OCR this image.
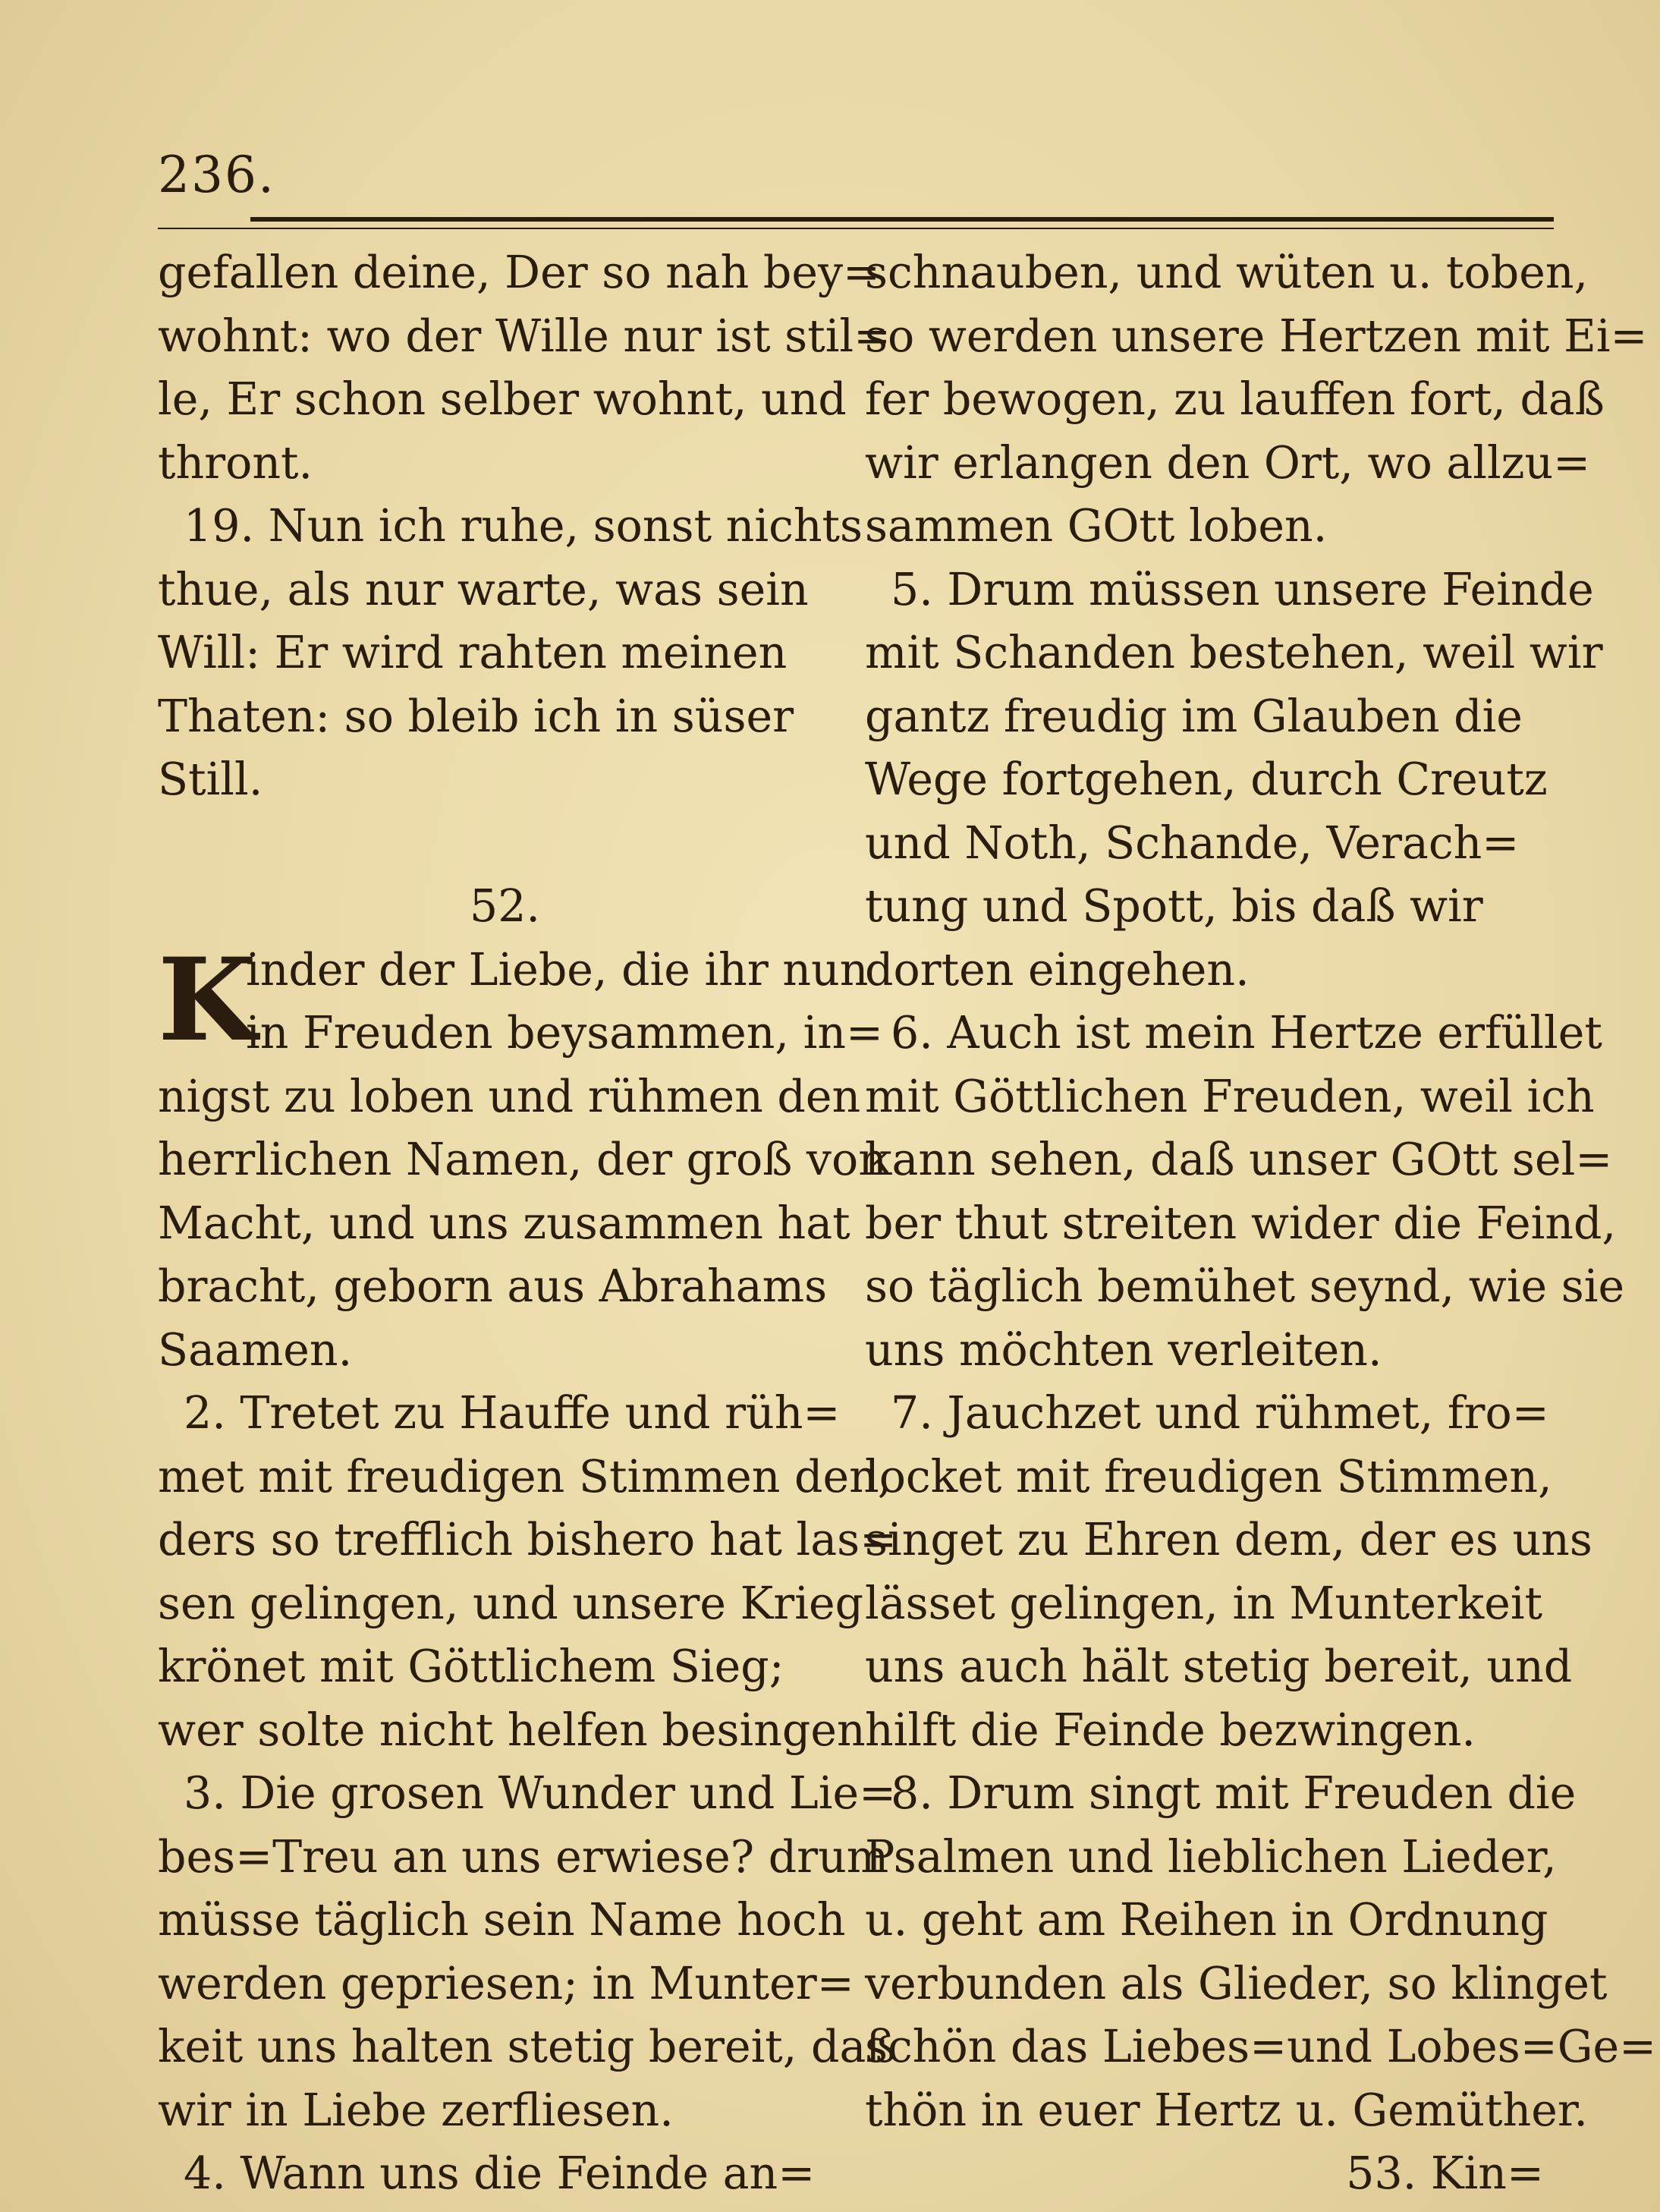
236.
gefallen deine, Der so nah bey=
wohnt: wo der Wille nur ist stil=
le, Er schon selber wohnt, und
thront.
19. Nun ich ruhe, sonst nichts
thue, als nur warte, was sein
Will: Er wird rahten meinen
Thaten: so bleib ich in süser
Still.
52.
K
inder der Liebe, die ihr nun
in Freuden beysammen, in=
nigst zu loben und rühmen den
herrlichen Namen, der groß von
Macht, und uns zusammen hat
bracht, geborn aus Abrahams
Saamen.
2. Tretet zu Hauffe und rüh=
met mit freudigen Stimmen den,
ders so trefflich bishero hat las=
sen gelingen, und unsere Krieg
krönet mit Göttlichem Sieg;
wer solte nicht helfen besingen
3. Die grosen Wunder und Lie=
bes=Treu an uns erwiese? drum
müsse täglich sein Name hoch
werden gepriesen; in Munter=
keit uns halten stetig bereit, daß
wir in Liebe zerfliesen.
4. Wann uns die Feinde an=
schnauben, und wüten u. toben,
so werden unsere Hertzen mit Ei=
fer bewogen, zu lauffen fort, daß
wir erlangen den Ort, wo allzu=
sammen GOtt loben.
5. Drum müssen unsere Feinde
mit Schanden bestehen, weil wir
gantz freudig im Glauben die
Wege fortgehen, durch Creutz
und Noth, Schande, Verach=
tung und Spott, bis daß wir
dorten eingehen.
6. Auch ist mein Hertze erfüllet
mit Göttlichen Freuden, weil ich
kann sehen, daß unser GOtt sel=
ber thut streiten wider die Feind,
so täglich bemühet seynd, wie sie
uns möchten verleiten.
7. Jauchzet und rühmet, fro=
locket mit freudigen Stimmen,
singet zu Ehren dem, der es uns
lässet gelingen, in Munterkeit
uns auch hält stetig bereit, und
hilft die Feinde bezwingen.
8. Drum singt mit Freuden die
Psalmen und lieblichen Lieder,
u. geht am Reihen in Ordnung
verbunden als Glieder, so klinget
schön das Liebes=und Lobes=Ge=
thön in euer Hertz u. Gemüther.
53. Kin=
